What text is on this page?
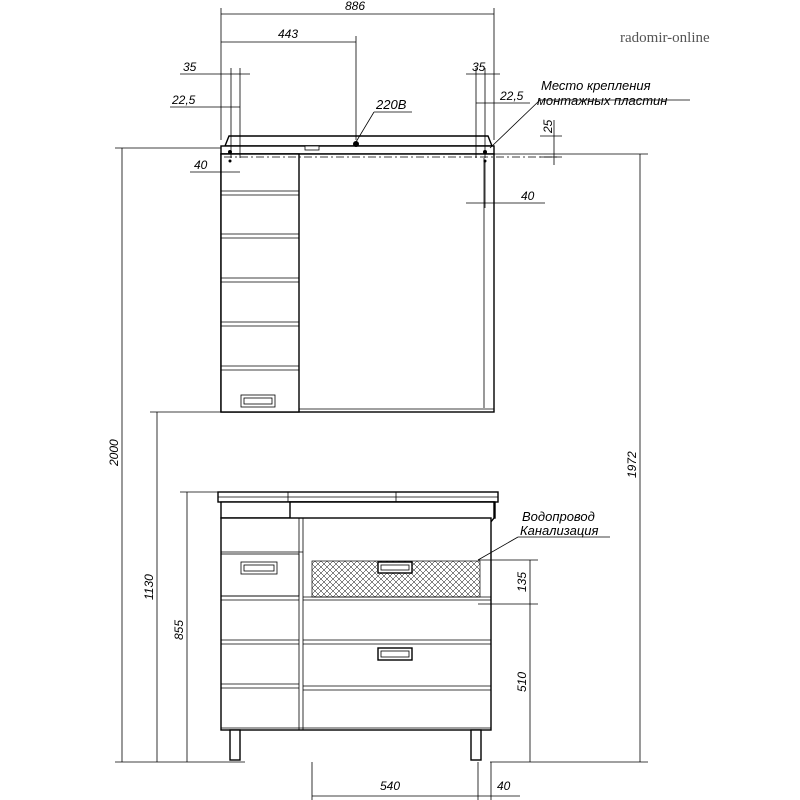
radomir-online
886
443
35
22,5
35
22,5
40
40
540	40
25
2000	1972
1130
855
135
510
Место крепления
монтажных пластин
220В
Водопровод
Канализация
